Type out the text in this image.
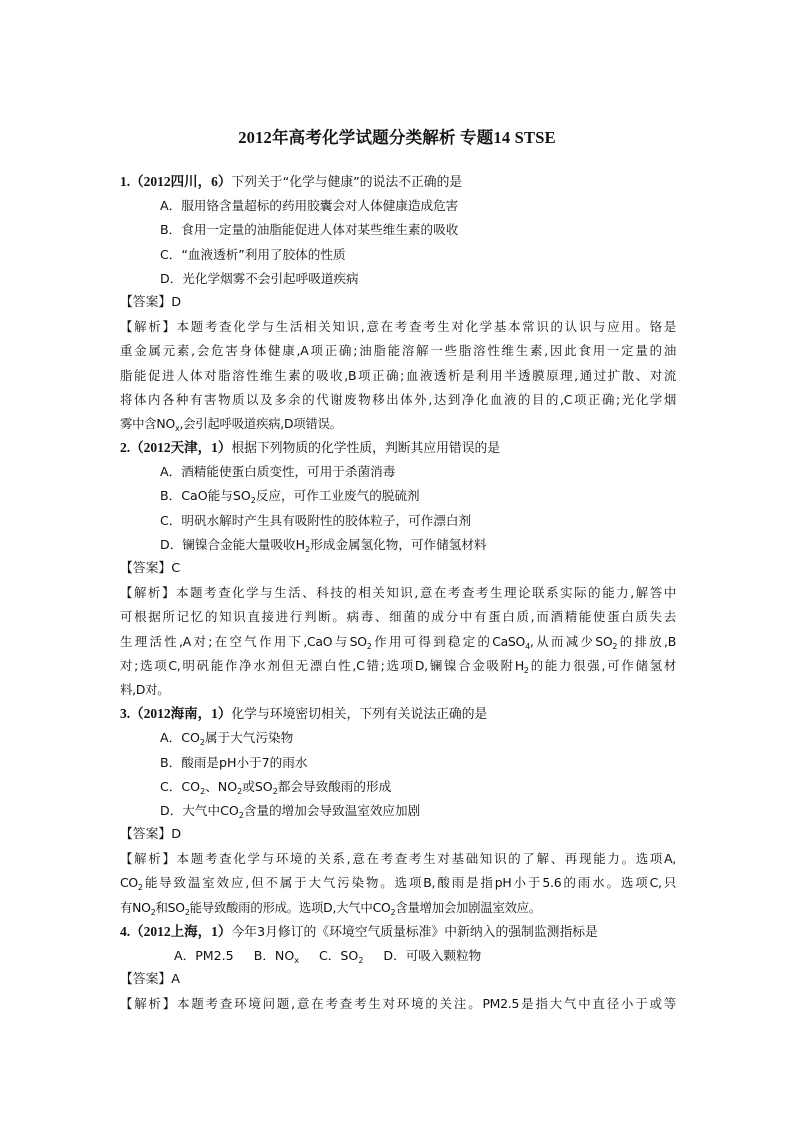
2012年高考化学试题分类解析 专题14 STSE
1.（2012四川，6）下列关于“化学与健康”的说法不正确的是
A．服用铬含量超标的药用胶囊会对人体健康造成危害
B．食用一定量的油脂能促进人体对某些维生素的吸收
C．“血液透析”利用了胶体的性质
D．光化学烟雾不会引起呼吸道疾病
【答案】D
【解析】本题考查化学与生活相关知识,意在考查考生对化学基本常识的认识与应用。铬是
重金属元素,会危害身体健康,A项正确;油脂能溶解一些脂溶性维生素,因此食用一定量的油
脂能促进人体对脂溶性维生素的吸收,B项正确;血液透析是利用半透膜原理,通过扩散、对流
将体内各种有害物质以及多余的代谢废物移出体外,达到净化血液的目的,C项正确;光化学烟
雾中含$NO_x$,会引起呼吸道疾病,D项错误。
2.（2012天津，1）根据下列物质的化学性质，判断其应用错误的是
A．酒精能使蛋白质变性，可用于杀菌消毒
B．CaO能与$SO_2$反应，可作工业废气的脱硫剂
C．明矾水解时产生具有吸附性的胶体粒子，可作漂白剂
D．镧镍合金能大量吸收$H_2$形成金属氢化物，可作储氢材料
【答案】C
【解析】本题考查化学与生活、科技的相关知识,意在考查考生理论联系实际的能力,解答中
可根据所记忆的知识直接进行判断。病毒、细菌的成分中有蛋白质,而酒精能使蛋白质失去
生理活性,A对;在空气作用下,CaO与$SO_2$作用可得到稳定的CaSO$_4$,从而减少$SO_2$的排放,B
对;选项C,明矾能作净水剂但无漂白性,C错;选项D,镧镍合金吸附$H_2$的能力很强,可作储氢材
料,D对。
3.（2012海南，1）化学与环境密切相关，下列有关说法正确的是
A．$CO_2$属于大气污染物
B．酸雨是pH小于7的雨水
C．$CO_2$、$NO_2$或$SO_2$都会导致酸雨的形成
D．大气中$CO_2$含量的增加会导致温室效应加剧
【答案】D
【解析】本题考查化学与环境的关系,意在考查考生对基础知识的了解、再现能力。选项A,
$CO_2$能导致温室效应,但不属于大气污染物。选项B,酸雨是指pH小于5.6的雨水。选项C,只
有$NO_2$和$SO_2$能导致酸雨的形成。选项D,大气中$CO_2$含量增加会加剧温室效应。
4.（2012上海，1）今年3月修订的《环境空气质量标准》中新纳入的强制监测指标是
A．PM2.5 B．$NO_x$ C．$SO_2$ D．可吸入颗粒物
【答案】A
【解析】本题考查环境问题,意在考查考生对环境的关注。PM2.5是指大气中直径小于或等
